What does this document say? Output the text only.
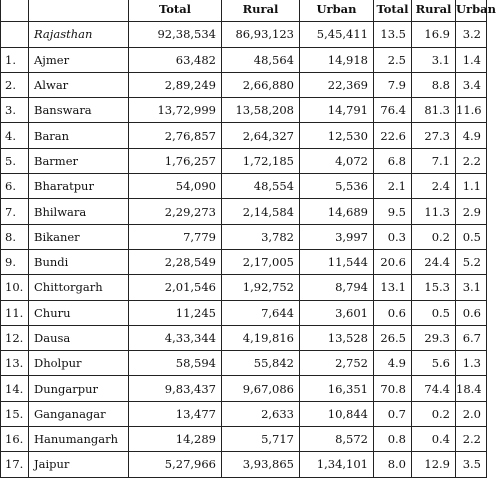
		Total	Rural	Urban	Total	Rural	Urban
	Rajasthan	92,38,534	86,93,123	5,45,411	13.5	16.9	3.2
1.	Ajmer	63,482	48,564	14,918	2.5	3.1	1.4
2.	Alwar	2,89,249	2,66,880	22,369	7.9	8.8	3.4
3.	Banswara	13,72,999	13,58,208	14,791	76.4	81.3	11.6
4.	Baran	2,76,857	2,64,327	12,530	22.6	27.3	4.9
5.	Barmer	1,76,257	1,72,185	4,072	6.8	7.1	2.2
6.	Bharatpur	54,090	48,554	5,536	2.1	2.4	1.1
7.	Bhilwara	2,29,273	2,14,584	14,689	9.5	11.3	2.9
8.	Bikaner	7,779	3,782	3,997	0.3	0.2	0.5
9.	Bundi	2,28,549	2,17,005	11,544	20.6	24.4	5.2
10.	Chittorgarh	2,01,546	1,92,752	8,794	13.1	15.3	3.1
11.	Churu	11,245	7,644	3,601	0.6	0.5	0.6
12.	Dausa	4,33,344	4,19,816	13,528	26.5	29.3	6.7
13.	Dholpur	58,594	55,842	2,752	4.9	5.6	1.3
14.	Dungarpur	9,83,437	9,67,086	16,351	70.8	74.4	18.4
15.	Ganganagar	13,477	2,633	10,844	0.7	0.2	2.0
16.	Hanumangarh	14,289	5,717	8,572	0.8	0.4	2.2
17.	Jaipur	5,27,966	3,93,865	1,34,101	8.0	12.9	3.5
